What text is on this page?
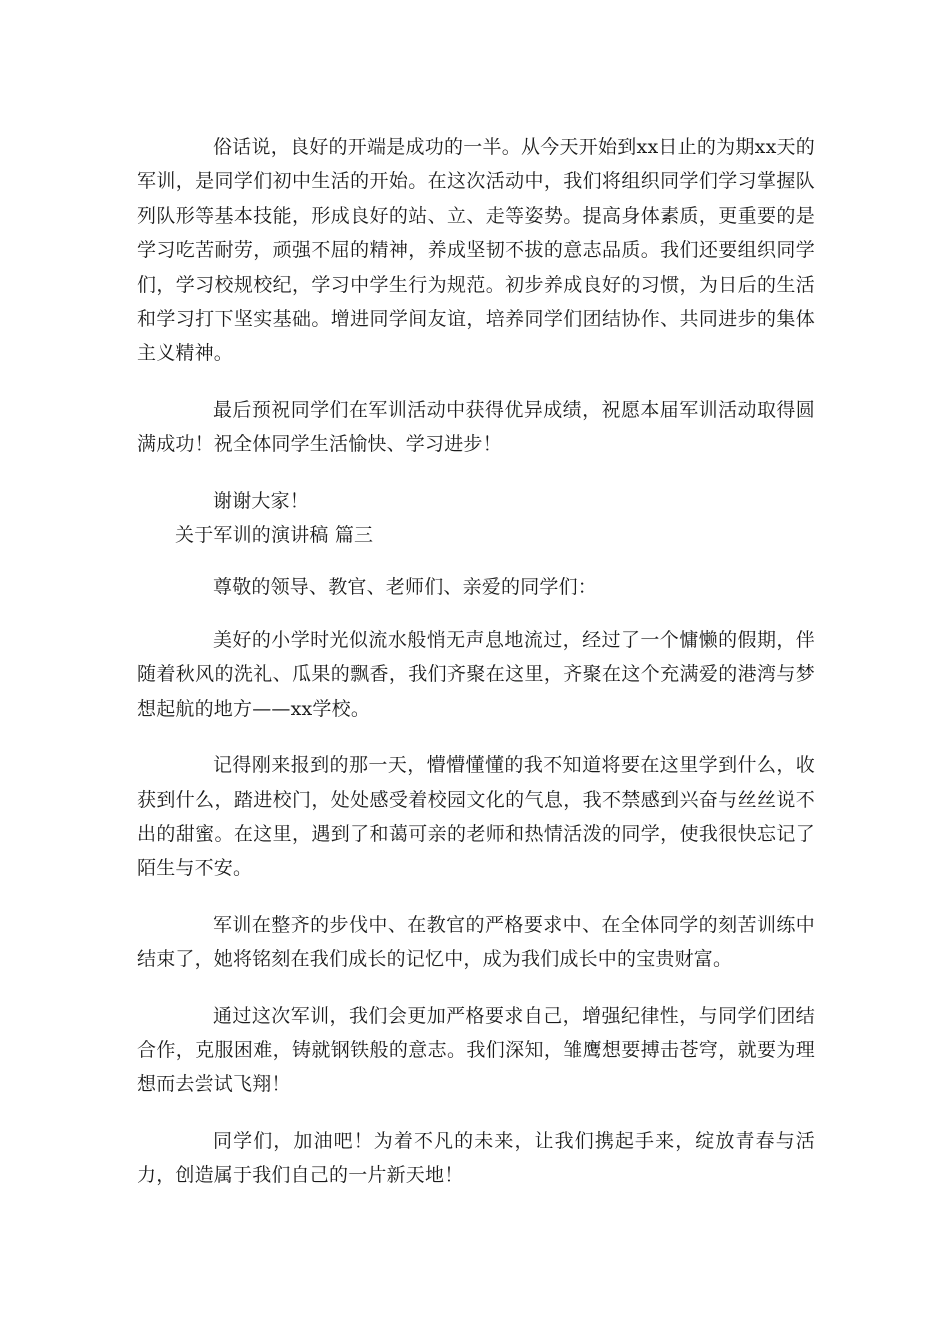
俗话说，良好的开端是成功的一半。从今天开始到xx日止的为期xx天的军训，是同学们初中生活的开始。在这次活动中，我们将组织同学们学习掌握队列队形等基本技能，形成良好的站、立、走等姿势。提高身体素质，更重要的是学习吃苦耐劳，顽强不屈的精神，养成坚韧不拔的意志品质。我们还要组织同学们，学习校规校纪，学习中学生行为规范。初步养成良好的习惯，为日后的生活和学习打下坚实基础。增进同学间友谊，培养同学们团结协作、共同进步的集体主义精神。

最后预祝同学们在军训活动中获得优异成绩，祝愿本届军训活动取得圆满成功！祝全体同学生活愉快、学习进步！

谢谢大家！

关于军训的演讲稿 篇三

尊敬的领导、教官、老师们、亲爱的同学们：

美好的小学时光似流水般悄无声息地流过，经过了一个慵懒的假期，伴随着秋风的洗礼、瓜果的飘香，我们齐聚在这里，齐聚在这个充满爱的港湾与梦想起航的地方——xx学校。

记得刚来报到的那一天，懵懵懂懂的我不知道将要在这里学到什么，收获到什么，踏进校门，处处感受着校园文化的气息，我不禁感到兴奋与丝丝说不出的甜蜜。在这里，遇到了和蔼可亲的老师和热情活泼的同学，使我很快忘记了陌生与不安。

军训在整齐的步伐中、在教官的严格要求中、在全体同学的刻苦训练中结束了，她将铭刻在我们成长的记忆中，成为我们成长中的宝贵财富。

通过这次军训，我们会更加严格要求自己，增强纪律性，与同学们团结合作，克服困难，铸就钢铁般的意志。我们深知，雏鹰想要搏击苍穹，就要为理想而去尝试飞翔！

同学们，加油吧！为着不凡的未来，让我们携起手来，绽放青春与活力，创造属于我们自己的一片新天地！
